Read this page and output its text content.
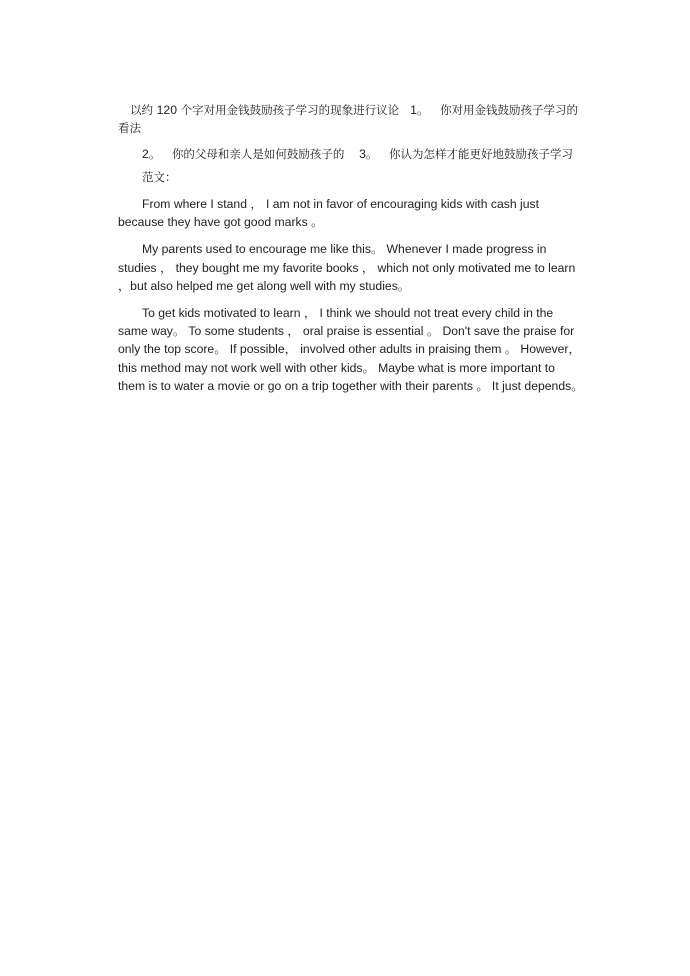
以约 120 个字对用金钱鼓励孩子学习的现象进行议论 1。 你对用金钱鼓励孩子学习的看法

2。 你的父母和亲人是如何鼓励孩子的 3。 你认为怎样才能更好地鼓励孩子学习

范文：

From where I stand ， I am not in favor of encouraging kids with cash just because they have got good marks 。

My parents used to encourage me like this。 Whenever I made progress in studies ， they bought me my favorite books ， which not only motivated me to learn ，but also helped me get along well with my studies。

To get kids motivated to learn ， I think we should not treat every child in the same way。 To some students ， oral praise is essential 。 Don't save the praise for only the top score。 If possible， involved other adults in praising them 。 However， this method may not work well with other kids。 Maybe what is more important to them is to water a movie or go on a trip together with their parents 。 It just depends。
